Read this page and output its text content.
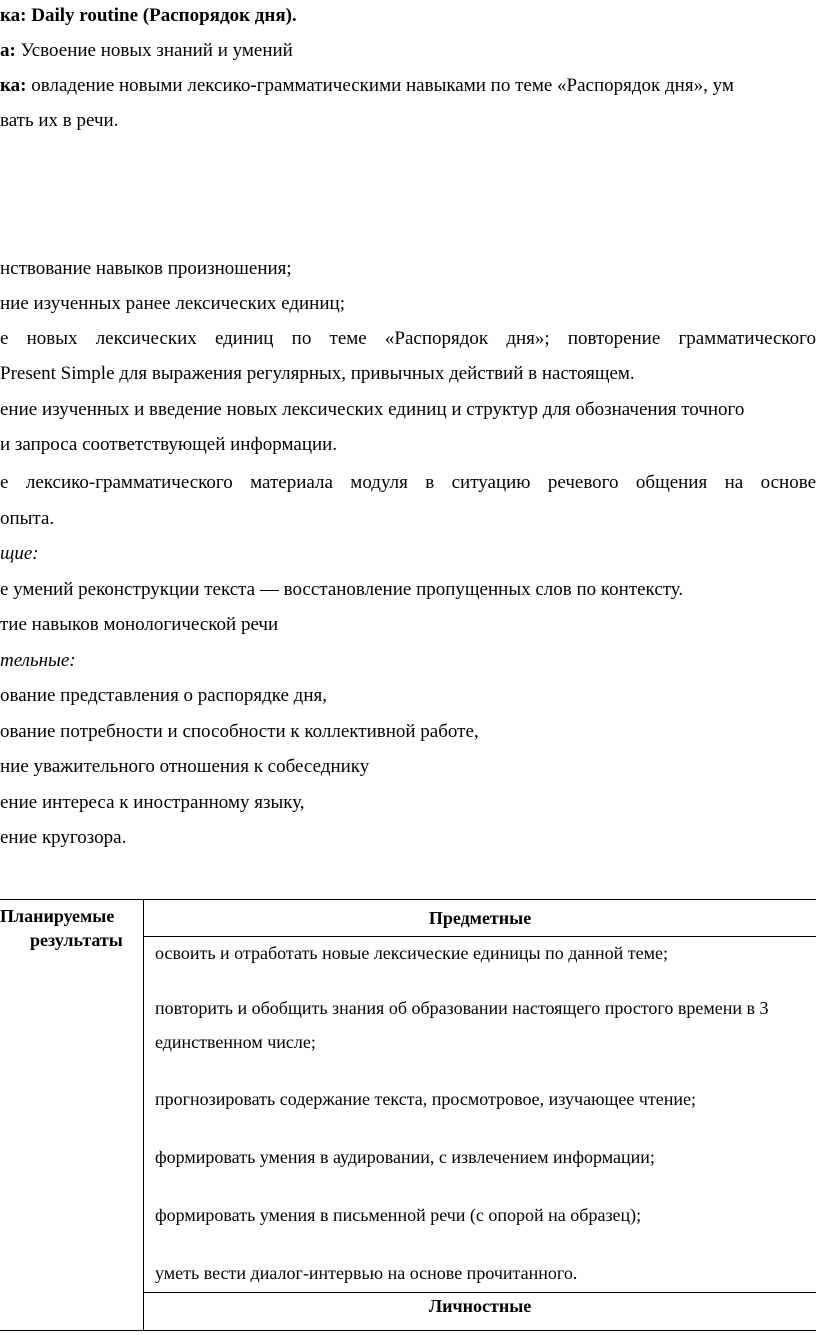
ка: Daily routine (Распорядок дня).
а: Усвоение новых знаний и умений
ка: овладение новыми лексико-грамматическими навыками по теме «Распорядок дня», ум
вать их в речи.
нствование навыков произношения;
ние изученных ранее лексических единиц;
е новых лексических единиц по теме «Распорядок дня»; повторение грамматического
Present Simple для выражения регулярных, привычных действий в настоящем.
ение изученных и введение новых лексических единиц и структур для обозначения точного
и запроса соответствующей информации.
е лексико-грамматического материала модуля в ситуацию речевого общения на основе
опыта.
щие:
е умений реконструкции текста — восстановление пропущенных слов по контексту.
тие навыков монологической речи
тельные:
ование представления о распорядке дня,
ование потребности и способности к коллективной работе,
ние уважительного отношения к собеседнику
ение интереса к иностранному языку,
ение кругозора.
Планируемые
результаты
Предметные
освоить и отработать новые лексические единицы по данной теме;
повторить и обобщить знания об образовании настоящего простого времени в 3
единственном числе;
прогнозировать содержание текста, просмотровое, изучающее чтение;
формировать умения в аудировании, с извлечением информации;
формировать умения в письменной речи (с опорой на образец);
уметь вести диалог-интервью на основе прочитанного.
Личностные
